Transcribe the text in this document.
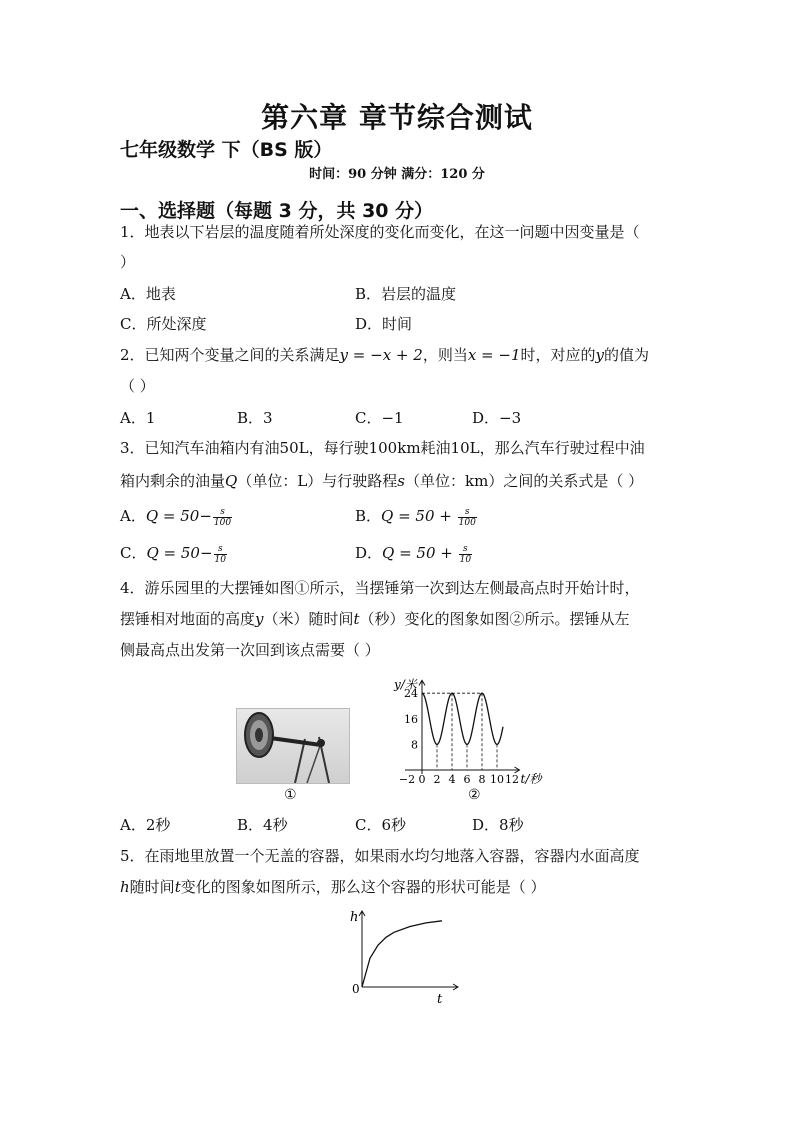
第六章 章节综合测试
七年级数学 下（BS 版）
时间：90 分钟 满分：120 分
一、选择题（每题 3 分，共 30 分）
1．地表以下岩层的温度随着所处深度的变化而变化，在这一问题中因变量是（
）
A．地表	B．岩层的温度
C．所处深度	D．时间
2．已知两个变量之间的关系满足y = −x + 2，则当x = −1时，对应的y的值为
（ ）
A．1	B．3	C．−1	D．−3
3．已知汽车油箱内有油50L，每行驶100km耗油10L，那么汽车行驶过程中油
箱内剩余的油量Q（单位：L）与行驶路程s（单位：km）之间的关系式是（ ）
A．$Q = 50- \frac{s}{100}$	B．$Q = 50 + \frac{s}{100}$
C．$Q = 50- \frac{s}{10}$	D．$Q = 50 + \frac{s}{10}$
4．游乐园里的大摆锤如图①所示，当摆锤第一次到达左侧最高点时开始计时，
摆锤相对地面的高度y（米）随时间t（秒）变化的图象如图②所示。摆锤从左
侧最高点出发第一次回到该点需要（ ）
①
−2 0 2 4 6 8 10 12
8
16
24
y/米
t/秒
②
A．2秒	B．4秒	C．6秒	D．8秒
5．在雨地里放置一个无盖的容器，如果雨水均匀地落入容器，容器内水面高度
h随时间t变化的图象如图所示，那么这个容器的形状可能是（ ）
h
t
0
